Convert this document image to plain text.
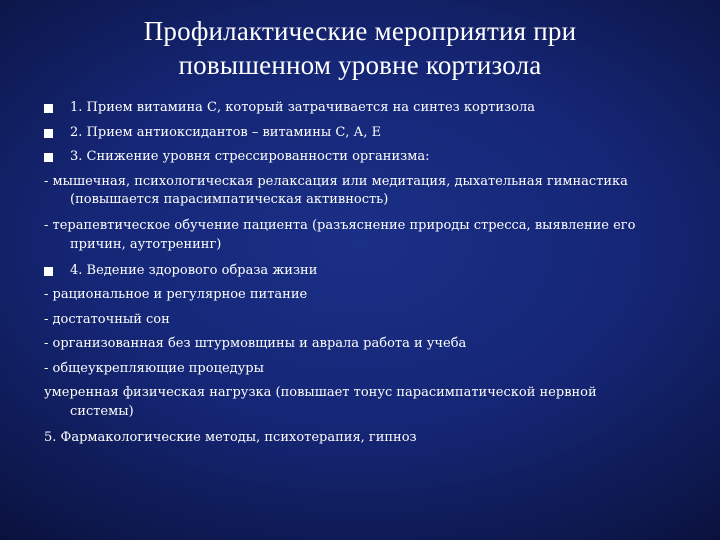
Профилактические мероприятия при
повышенном уровне кортизола
1. Прием витамина С, который затрачивается на синтез кортизола
2. Прием антиоксидантов – витамины С, А, Е
3. Снижение уровня стрессированности организма:
- мышечная, психологическая релаксация или медитация, дыхательная гимнастика
(повышается парасимпатическая активность)
- терапевтическое обучение пациента (разъяснение природы стресса, выявление его
причин, аутотренинг)
4. Ведение здорового образа жизни
- рациональное и регулярное питание
- достаточный сон
- организованная без штурмовщины и аврала работа и учеба
- общеукрепляющие процедуры
умеренная физическая нагрузка (повышает тонус парасимпатической нервной
системы)
5. Фармакологические методы, психотерапия, гипноз
